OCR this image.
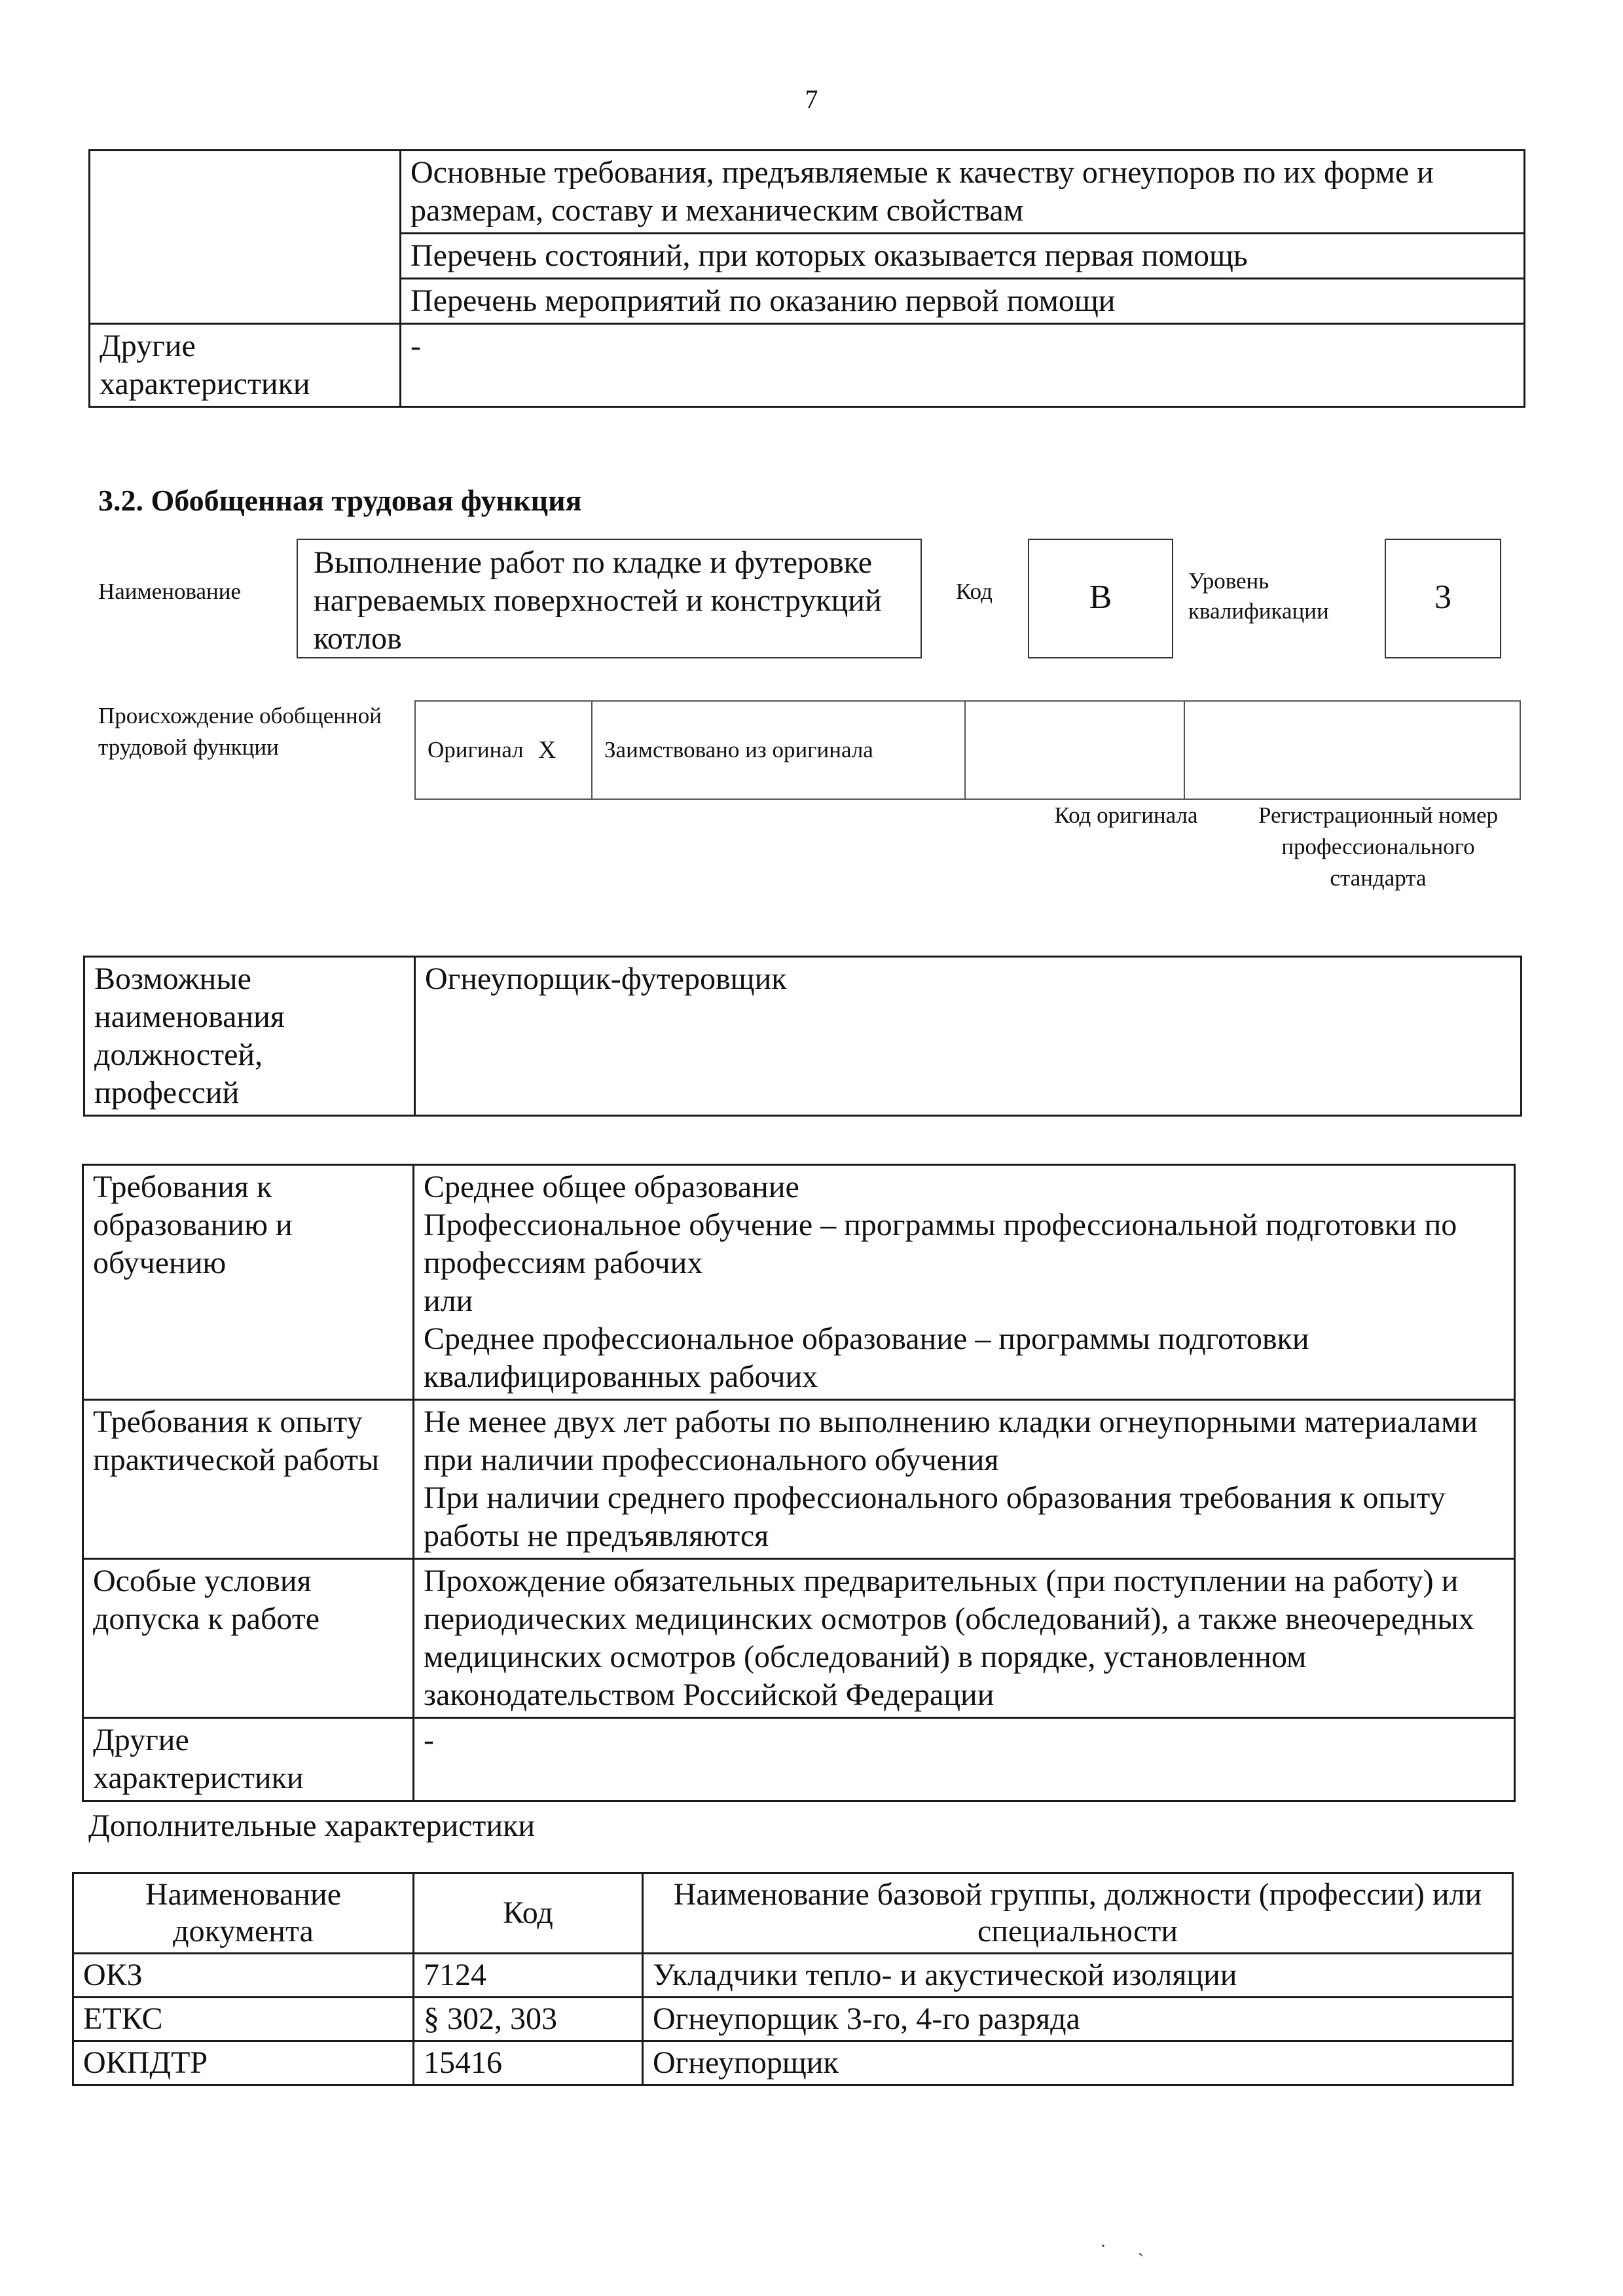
7
	Основные требования, предъявляемые к качеству огнеупоров по их форме и размерам, составу и механическим свойствам
	Перечень состояний, при которых оказывается первая помощь
	Перечень мероприятий по оказанию первой помощи
Другие характеристики	-
3.2. Обобщенная трудовая функция
Наименование
Выполнение работ по кладке и футеровке нагреваемых поверхностей и конструкций котлов
Код	B	Уровень квалификации	3
Происхождение обобщенной трудовой функции	Оригинал	X	Заимствовано из оригинала		
Код оригинала	Регистрационный номер профессионального стандарта
Возможные наименования должностей, профессий	Огнеупорщик-футеровщик
Требования к образованию и обучению	Среднее общее образование
Профессиональное обучение – программы профессиональной подготовки по профессиям рабочих
или
Среднее профессиональное образование – программы подготовки квалифицированных рабочих

Требования к опыту практической работы	Не менее двух лет работы по выполнению кладки огнеупорными материалами при наличии профессионального обучения
При наличии среднего профессионального образования требования к опыту работы не предъявляются

Особые условия допуска к работе	Прохождение обязательных предварительных (при поступлении на работу) и периодических медицинских осмотров (обследований), а также внеочередных медицинских осмотров (обследований) в порядке, установленном законодательством Российской Федерации

Другие характеристики	-
Дополнительные характеристики
Наименование документа	Код	Наименование базовой группы, должности (профессии) или специальности
ОКЗ	7124	Укладчики тепло- и акустической изоляции
ЕТКС	§ 302, 303	Огнеупорщик 3-го, 4-го разряда
ОКПДТР	15416	Огнеупорщик
· ˏ
